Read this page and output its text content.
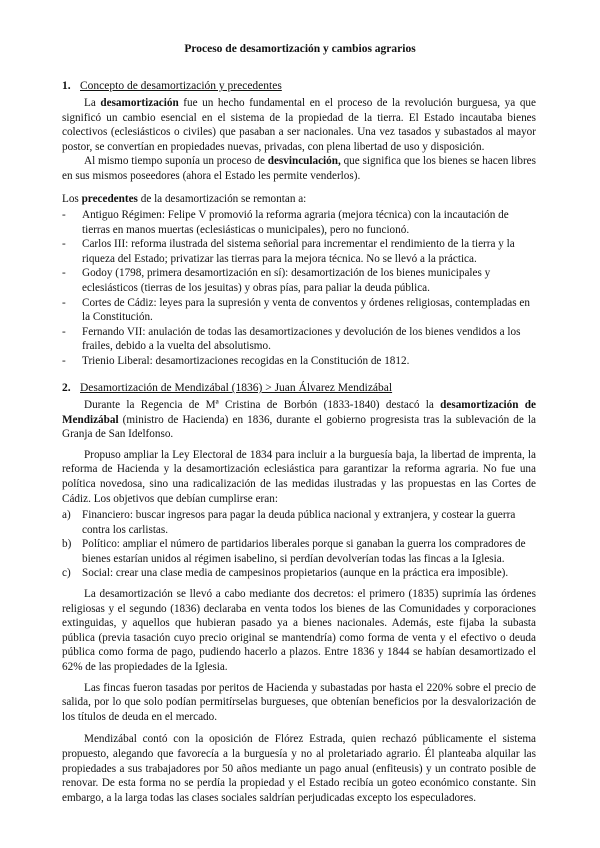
Proceso de desamortización y cambios agrarios
1. Concepto de desamortización y precedentes

La desamortización fue un hecho fundamental en el proceso de la revolución burguesa, ya que significó un cambio esencial en el sistema de la propiedad de la tierra. El Estado incautaba bienes colectivos (eclesiásticos o civiles) que pasaban a ser nacionales. Una vez tasados y subastados al mayor postor, se convertían en propiedades nuevas, privadas, con plena libertad de uso y disposición.

Al mismo tiempo suponía un proceso de desvinculación, que significa que los bienes se hacen libres en sus mismos poseedores (ahora el Estado les permite venderlos).

Los precedentes de la desamortización se remontan a:

-	Antiguo Régimen: Felipe V promovió la reforma agraria (mejora técnica) con la incautación de tierras en manos muertas (eclesiásticas o municipales), pero no funcionó.
-	Carlos III: reforma ilustrada del sistema señorial para incrementar el rendimiento de la tierra y la riqueza del Estado; privatizar las tierras para la mejora técnica. No se llevó a la práctica.
-	Godoy (1798, primera desamortización en sí): desamortización de los bienes municipales y eclesiásticos (tierras de los jesuitas) y obras pías, para paliar la deuda pública.
-	Cortes de Cádiz: leyes para la supresión y venta de conventos y órdenes religiosas, contempladas en la Constitución.
-	Fernando VII: anulación de todas las desamortizaciones y devolución de los bienes vendidos a los frailes, debido a la vuelta del absolutismo.
-	Trienio Liberal: desamortizaciones recogidas en la Constitución de 1812.
2. Desamortización de Mendizábal (1836) > Juan Álvarez Mendizábal

Durante la Regencia de Mª Cristina de Borbón (1833-1840) destacó la desamortización de Mendizábal (ministro de Hacienda) en 1836, durante el gobierno progresista tras la sublevación de la Granja de San Idelfonso.

Propuso ampliar la Ley Electoral de 1834 para incluir a la burguesía baja, la libertad de imprenta, la reforma de Hacienda y la desamortización eclesiástica para garantizar la reforma agraria. No fue una política novedosa, sino una radicalización de las medidas ilustradas y las propuestas en las Cortes de Cádiz. Los objetivos que debían cumplirse eran:

a)	Financiero: buscar ingresos para pagar la deuda pública nacional y extranjera, y costear la guerra contra los carlistas.
b) Político: ampliar el número de partidarios liberales porque si ganaban la guerra los compradores de bienes estarían unidos al régimen isabelino, si perdían devolverían todas las fincas a la Iglesia.
c)	Social: crear una clase media de campesinos propietarios (aunque en la práctica era imposible).

La desamortización se llevó a cabo mediante dos decretos: el primero (1835) suprimía las órdenes religiosas y el segundo (1836) declaraba en venta todos los bienes de las Comunidades y corporaciones extinguidas, y aquellos que hubieran pasado ya a bienes nacionales. Además, este fijaba la subasta pública (previa tasación cuyo precio original se mantendría) como forma de venta y el efectivo o deuda pública como forma de pago, pudiendo hacerlo a plazos. Entre 1836 y 1844 se habían desamortizado el 62% de las propiedades de la Iglesia.

Las fincas fueron tasadas por peritos de Hacienda y subastadas por hasta el 220% sobre el precio de salida, por lo que solo podían permitírselas burgueses, que obtenían beneficios por la desvalorización de los títulos de deuda en el mercado.

Mendizábal contó con la oposición de Flórez Estrada, quien rechazó públicamente el sistema propuesto, alegando que favorecía a la burguesía y no al proletariado agrario. Él planteaba alquilar las propiedades a sus trabajadores por 50 años mediante un pago anual (enfiteusis) y un contrato posible de renovar. De esta forma no se perdía la propiedad y el Estado recibía un goteo económico constante. Sin embargo, a la larga todas las clases sociales saldrían perjudicadas excepto los especuladores.
